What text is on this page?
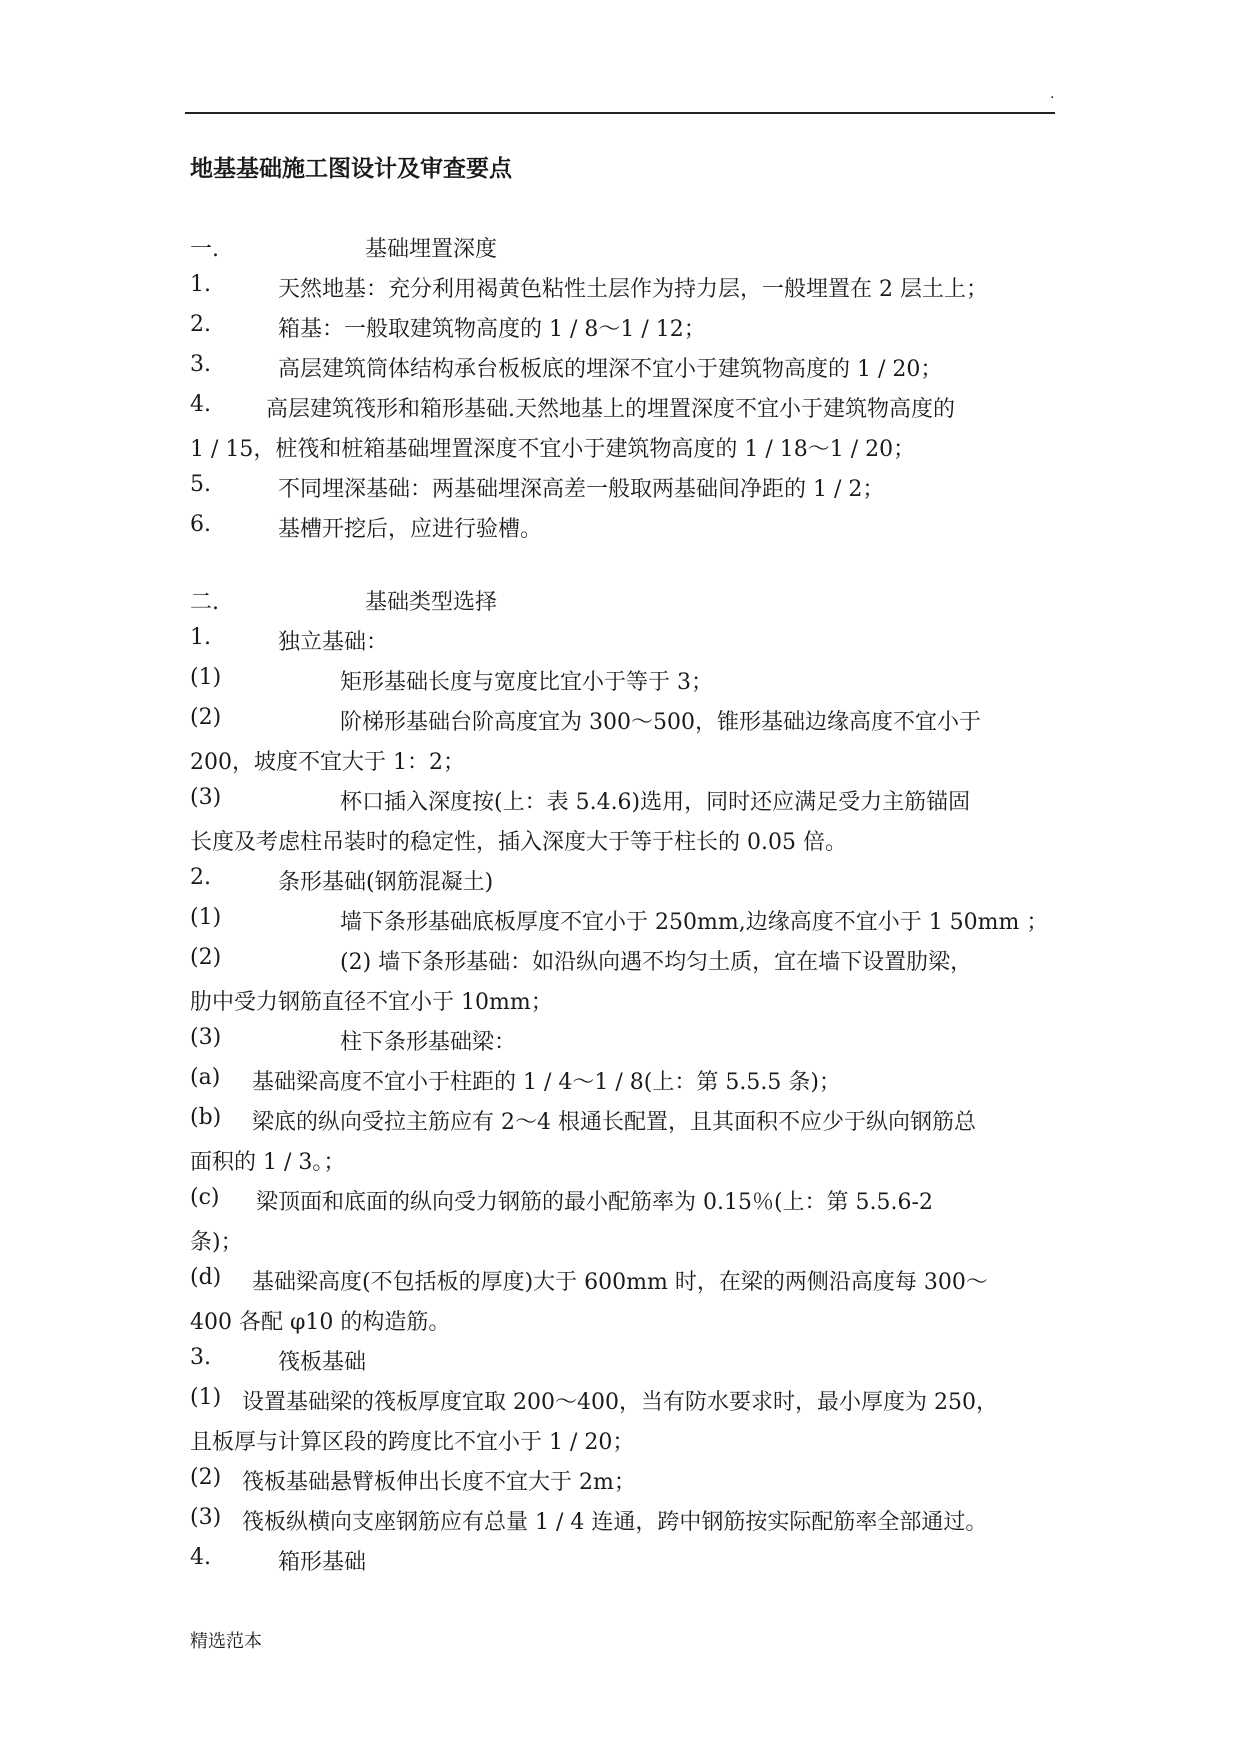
.
地基基础施工图设计及审查要点
一.	基础埋置深度
1.	天然地基：充分利用褐黄色粘性土层作为持力层，一般埋置在 2 层土上；
2.	箱基：一般取建筑物高度的 1 / 8～1 / 12；
3.	高层建筑筒体结构承台板板底的埋深不宜小于建筑物高度的 1 / 20；
4.	高层建筑筏形和箱形基础.天然地基上的埋置深度不宜小于建筑物高度的
1 / 15，桩筏和桩箱基础埋置深度不宜小于建筑物高度的 1 / 18～1 / 20；
5.	不同埋深基础：两基础埋深高差一般取两基础间净距的 1 / 2；
6.	基槽开挖后，应进行验槽。
二.	基础类型选择
1.	独立基础：
(1)	矩形基础长度与宽度比宜小于等于 3；
(2)	阶梯形基础台阶高度宜为 300～500，锥形基础边缘高度不宜小于
200，坡度不宜大于 1：2；
(3)	杯口插入深度按(上：表 5.4.6)选用，同时还应满足受力主筋锚固
长度及考虑柱吊装时的稳定性，插入深度大于等于柱长的 0.05 倍。
2.	条形基础(钢筋混凝土)
(1)	墙下条形基础底板厚度不宜小于 250mm,边缘高度不宜小于 1 50mm ；
(2)	(2) 墙下条形基础：如沿纵向遇不均匀土质，宜在墙下设置肋梁，
肋中受力钢筋直径不宜小于 10mm；
(3)	柱下条形基础梁：
(a) 基础梁高度不宜小于柱距的 1 / 4～1 / 8(上：第 5.5.5 条)；
(b) 梁底的纵向受拉主筋应有 2～4 根通长配置，且其面积不应少于纵向钢筋总
面积的 1 / 3。；
(c) 梁顶面和底面的纵向受力钢筋的最小配筋率为 0.15％(上：第 5.5.6-2
条)；
(d) 基础梁高度(不包括板的厚度)大于 600mm 时，在梁的两侧沿高度每 300～
400 各配 φ10 的构造筋。
3.	筏板基础
(1) 设置基础梁的筏板厚度宜取 200～400，当有防水要求时，最小厚度为 250，
且板厚与计算区段的跨度比不宜小于 1 / 20；
(2) 筏板基础悬臂板伸出长度不宜大于 2m；
(3) 筏板纵横向支座钢筋应有总量 1 / 4 连通，跨中钢筋按实际配筋率全部通过。
4.	箱形基础
精选范本
